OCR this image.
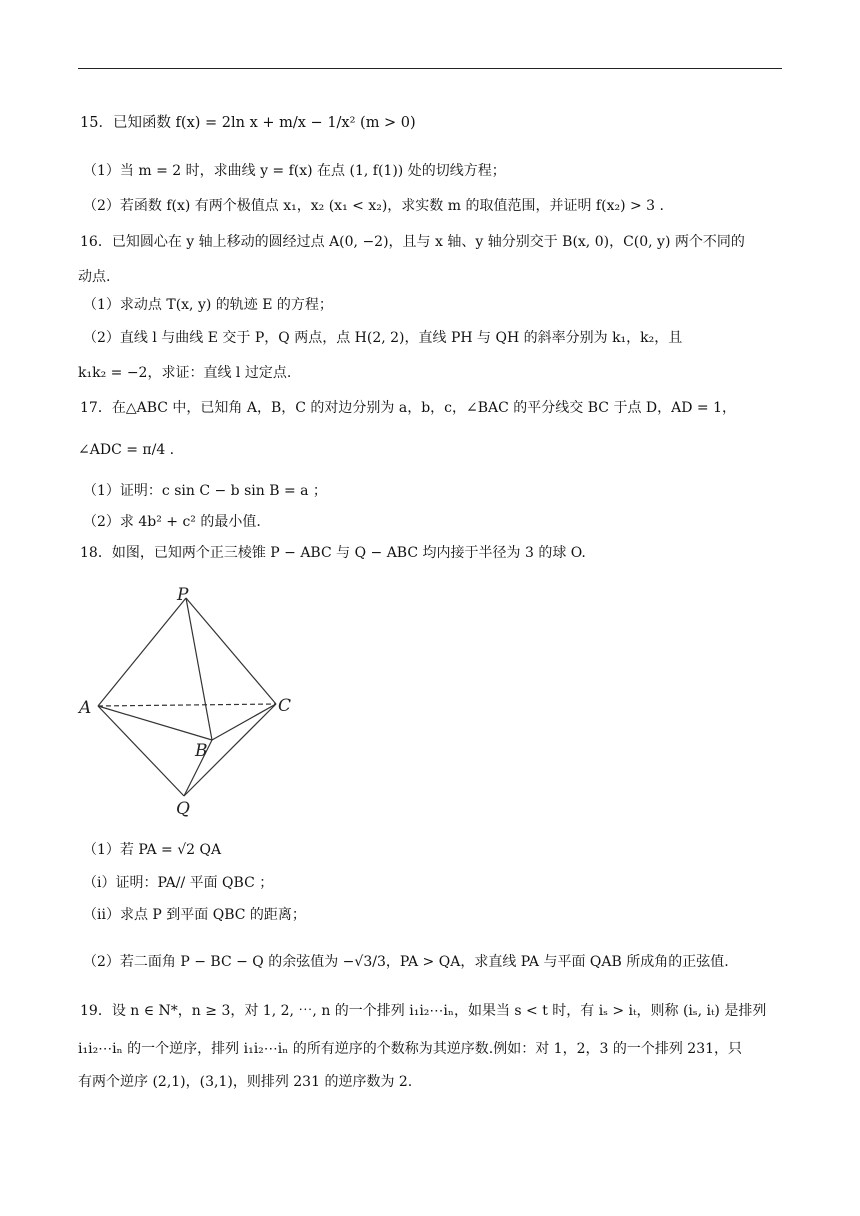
15．已知函数 f(x) = 2ln x + m/x − 1/x² (m > 0)
（1）当 m = 2 时，求曲线 y = f(x) 在点 (1, f(1)) 处的切线方程；
（2）若函数 f(x) 有两个极值点 x₁，x₂ (x₁ < x₂)，求实数 m 的取值范围，并证明 f(x₂) > 3 .
16．已知圆心在 y 轴上移动的圆经过点 A(0, −2)，且与 x 轴、y 轴分别交于 B(x, 0)，C(0, y) 两个不同的
动点.
（1）求动点 T(x, y) 的轨迹 E 的方程；
（2）直线 l 与曲线 E 交于 P，Q 两点，点 H(2, 2)，直线 PH 与 QH 的斜率分别为 k₁，k₂，且
k₁k₂ = −2，求证：直线 l 过定点.
17．在△ABC 中，已知角 A，B，C 的对边分别为 a，b，c，∠BAC 的平分线交 BC 于点 D，AD = 1，
∠ADC = π/4 .
（1）证明：c sin C − b sin B = a ；
（2）求 4b² + c² 的最小值.
18．如图，已知两个正三棱锥 P − ABC 与 Q − ABC 均内接于半径为 3 的球 O.
P
A	C
B
Q
（1）若 PA = √2 QA
（i）证明：PA// 平面 QBC ；
（ii）求点 P 到平面 QBC 的距离；
（2）若二面角 P − BC − Q 的余弦值为 −√3/3，PA > QA，求直线 PA 与平面 QAB 所成角的正弦值.
19．设 n ∈ N*，n ≥ 3，对 1, 2, ⋯, n 的一个排列 i₁i₂⋯iₙ，如果当 s < t 时，有 iₛ > iₜ，则称 (iₛ, iₜ) 是排列
i₁i₂⋯iₙ 的一个逆序，排列 i₁i₂⋯iₙ 的所有逆序的个数称为其逆序数.例如：对 1，2，3 的一个排列 231，只
有两个逆序 (2,1)，(3,1)，则排列 231 的逆序数为 2.
